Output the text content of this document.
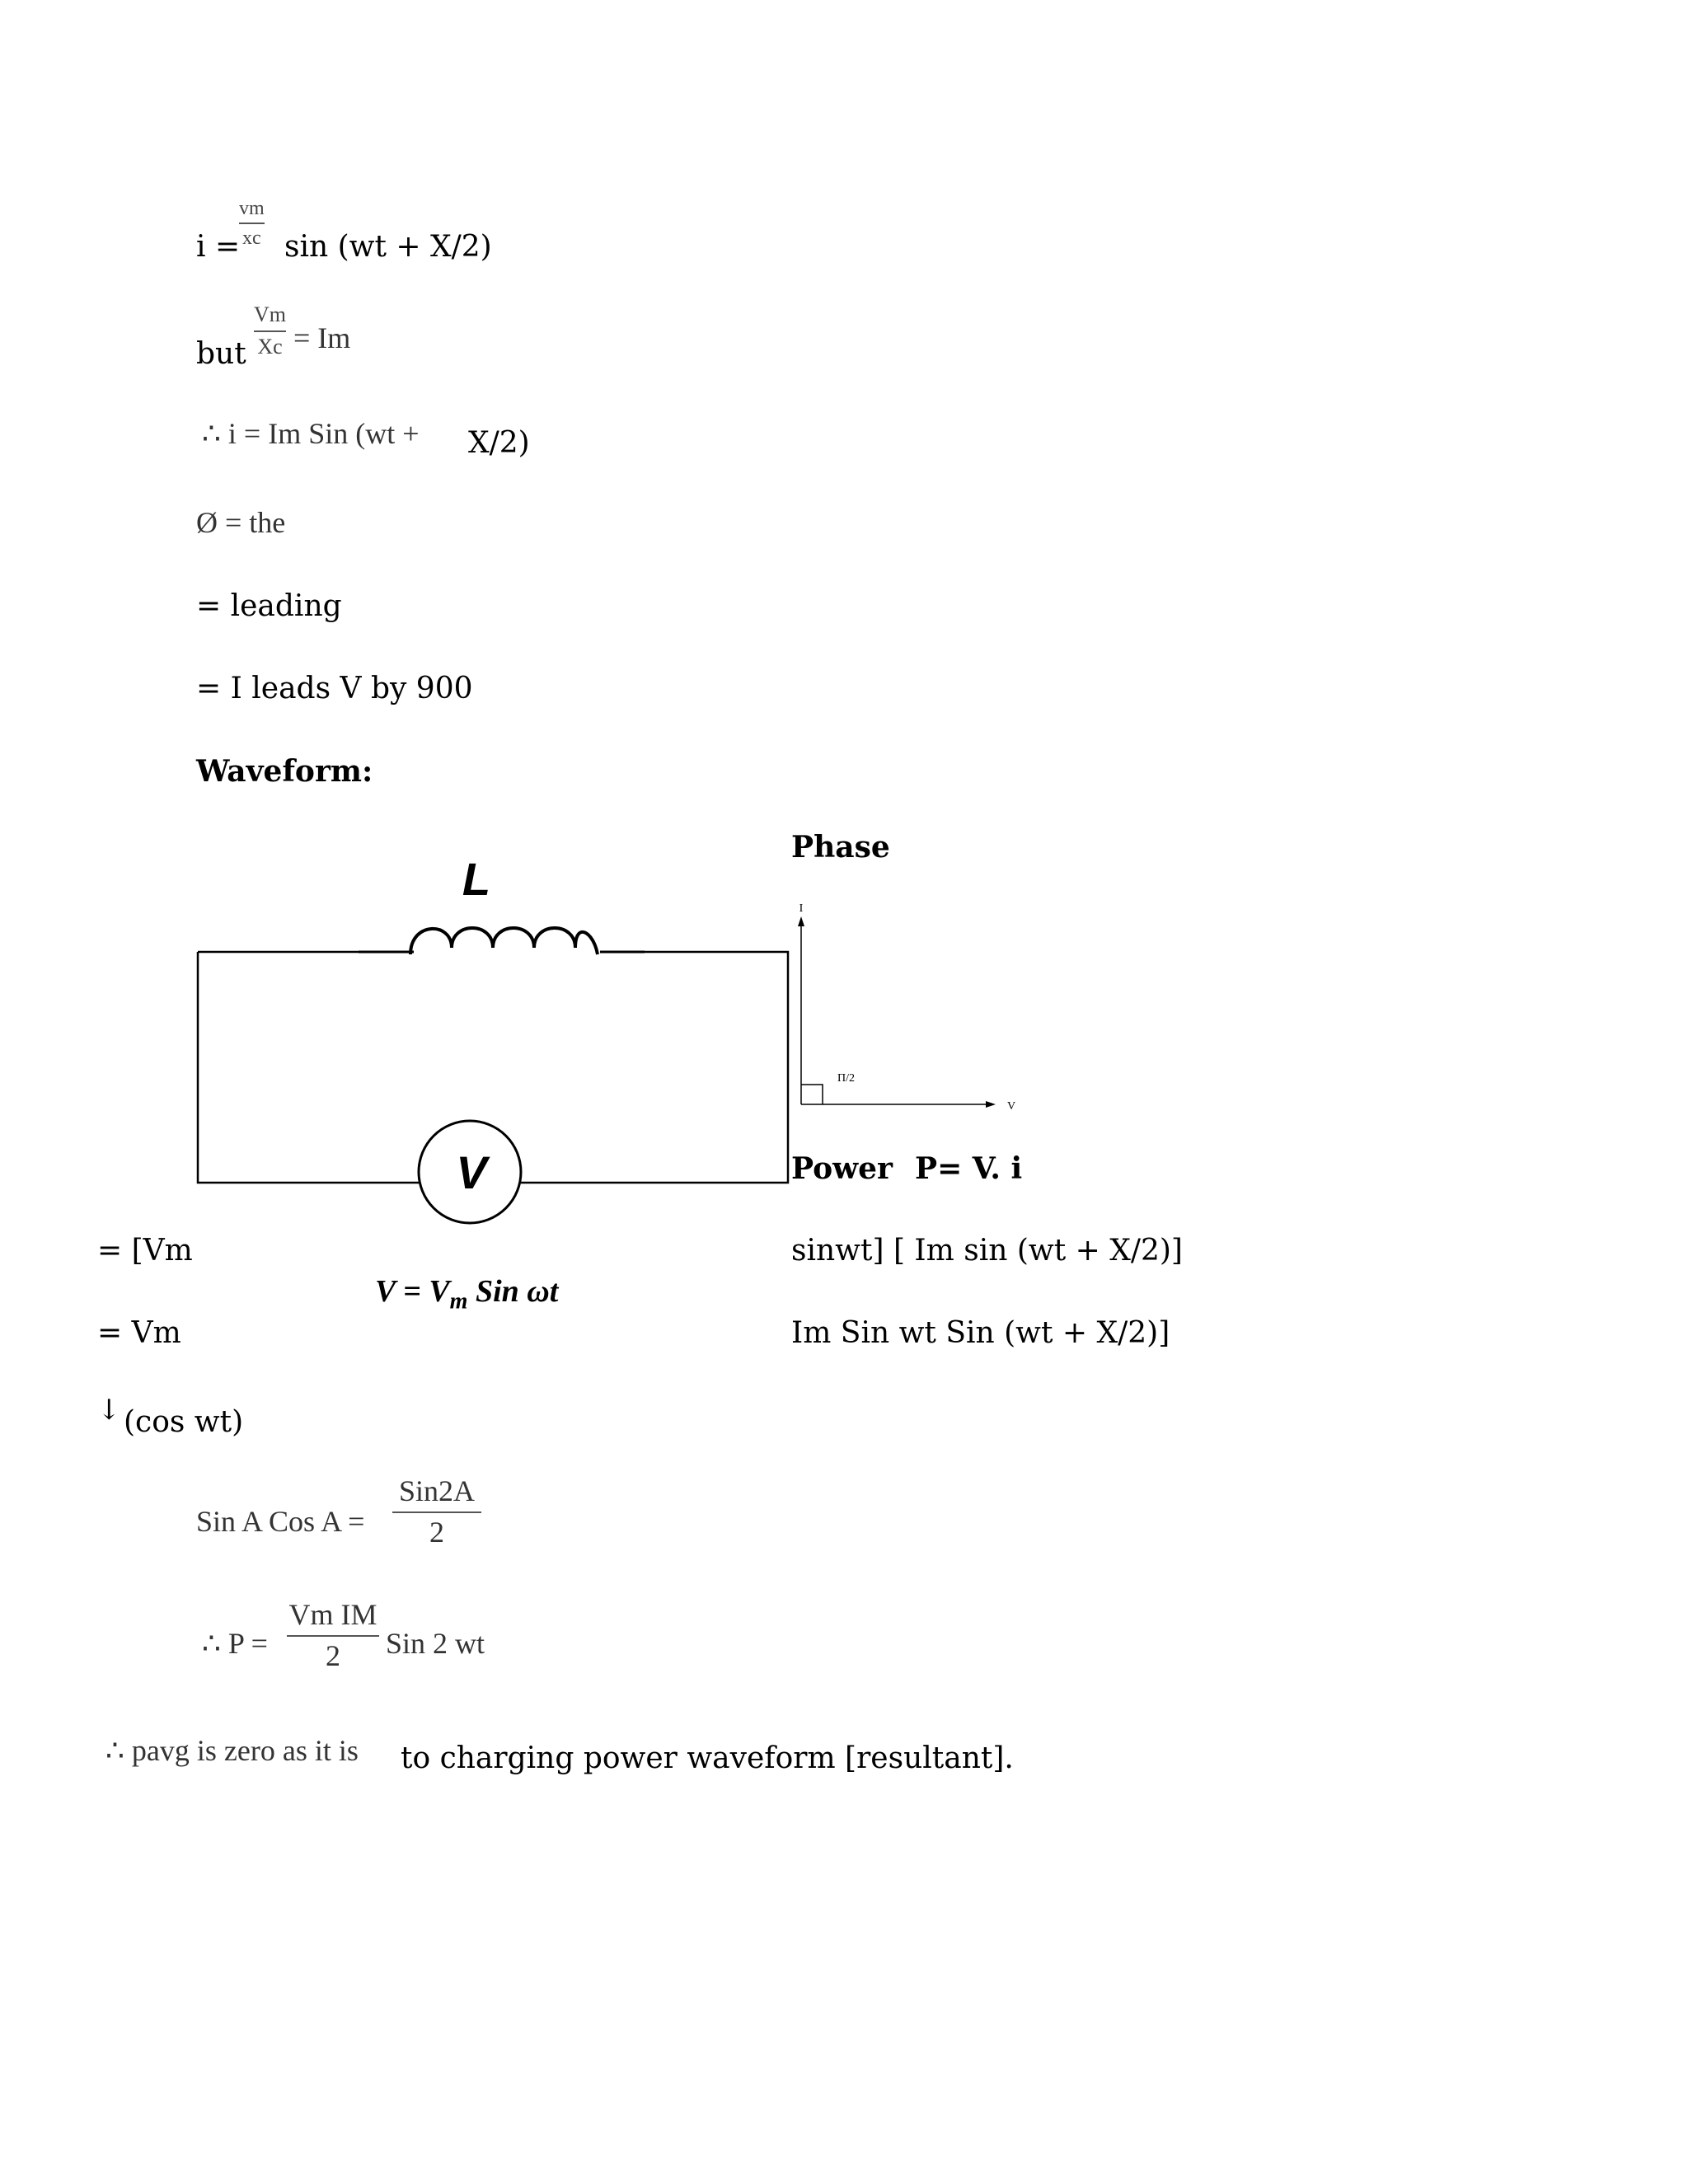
i =
vm
xc sin (wt + X/2)
but
Vm
Xc = Im
∴ i = Im Sin (wt + X/2)
Ø = the
= leading
= I leads V by 900
Waveform:
Phase
L
V
$V = V_m$ Sin ωt
I
Π/2
V
Power P= V. i
= [Vm	sinwt] [ Im sin (wt + X/2)]
= Vm	Im Sin wt Sin (wt + X/2)]
↓ (cos wt)
Sin A Cos A =
Sin2A
2
∴ P =
Vm IM
2	Sin 2 wt
∴ pavg is zero as it is to charging power waveform [resultant].
